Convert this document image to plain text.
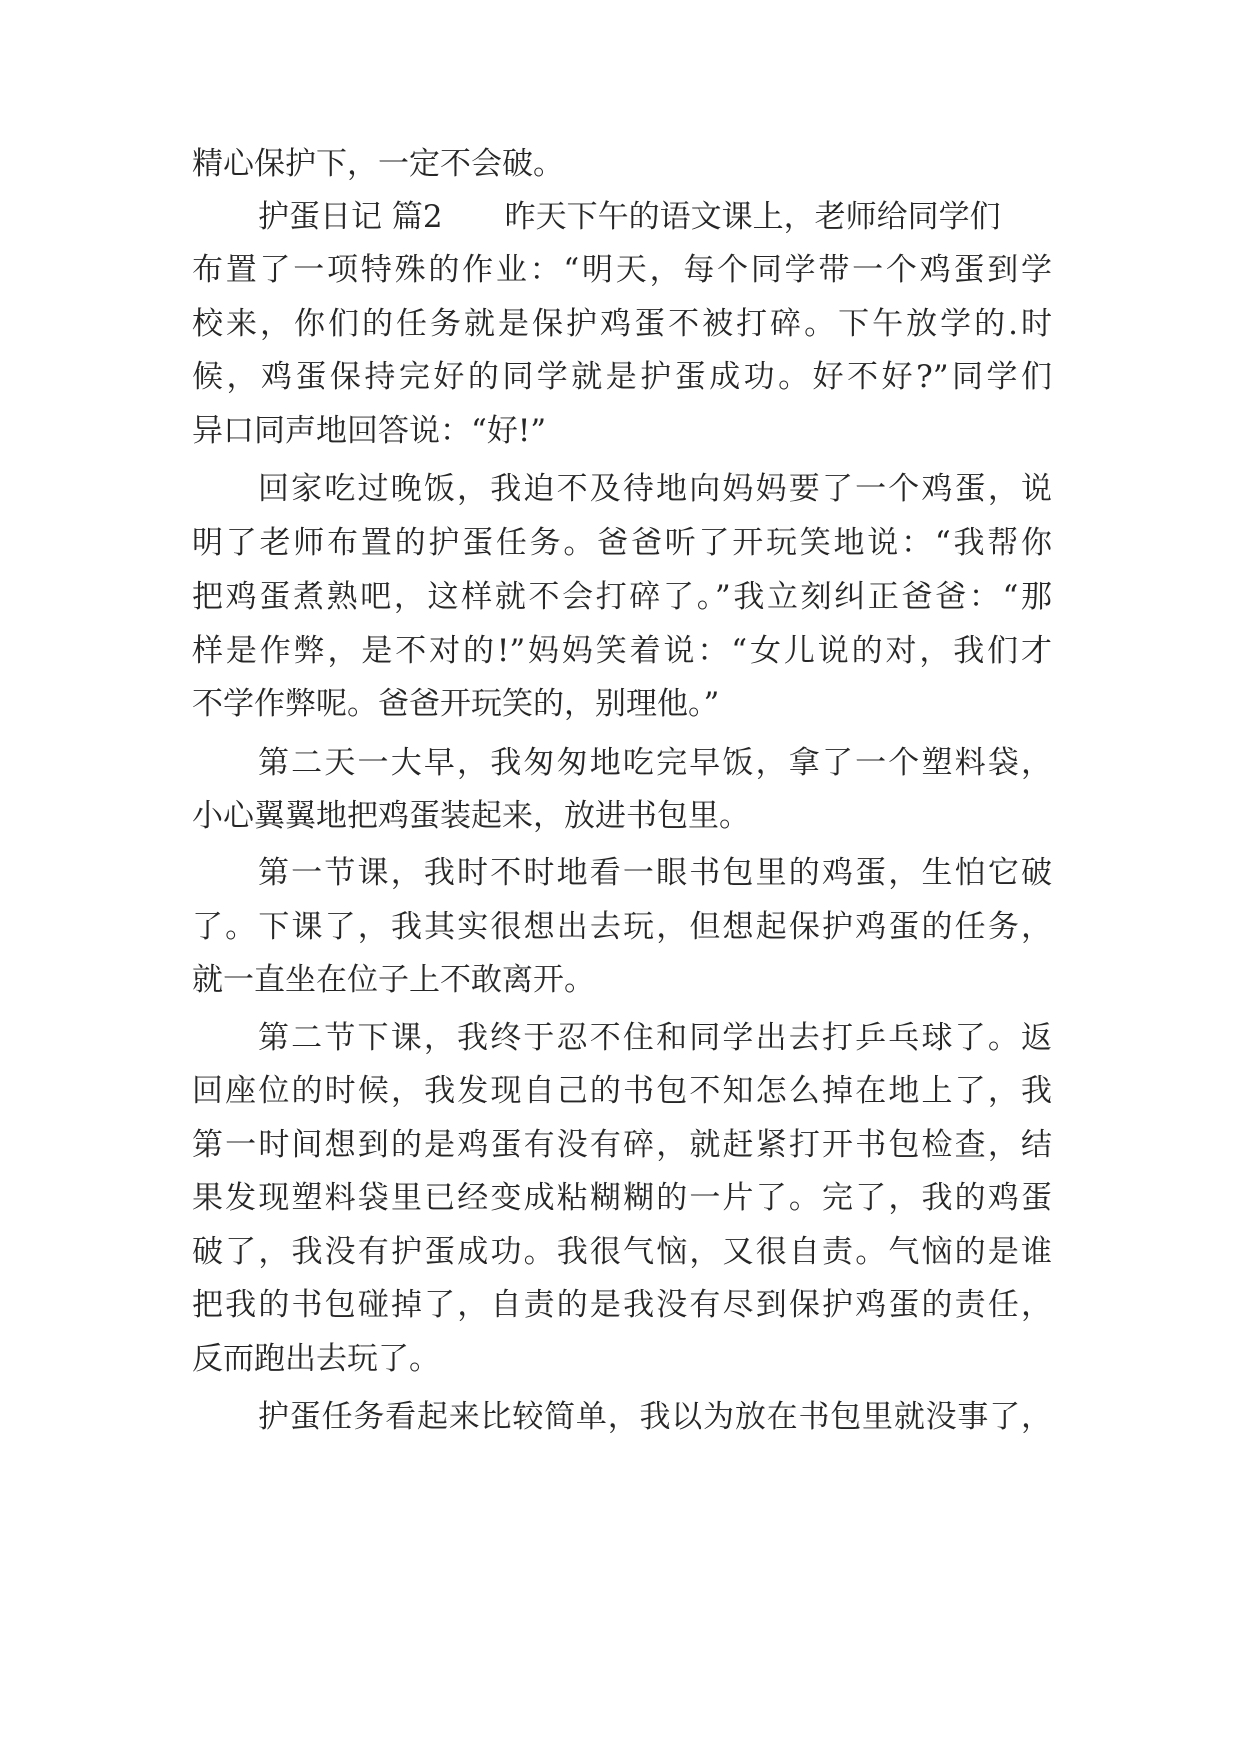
精心保护下，一定不会破。
护蛋日记 篇2 昨天下午的语文课上，老师给同学们
布置了一项特殊的作业：“明天，每个同学带一个鸡蛋到学
校来，你们的任务就是保护鸡蛋不被打碎。下午放学的.时
候，鸡蛋保持完好的同学就是护蛋成功。好不好?”同学们
异口同声地回答说：“好!”
回家吃过晚饭，我迫不及待地向妈妈要了一个鸡蛋，说
明了老师布置的护蛋任务。爸爸听了开玩笑地说：“我帮你
把鸡蛋煮熟吧，这样就不会打碎了。”我立刻纠正爸爸：“那
样是作弊，是不对的!”妈妈笑着说：“女儿说的对，我们才
不学作弊呢。爸爸开玩笑的，别理他。”
第二天一大早，我匆匆地吃完早饭，拿了一个塑料袋，
小心翼翼地把鸡蛋装起来，放进书包里。
第一节课，我时不时地看一眼书包里的鸡蛋，生怕它破
了。下课了，我其实很想出去玩，但想起保护鸡蛋的任务，
就一直坐在位子上不敢离开。
第二节下课，我终于忍不住和同学出去打乒乓球了。返
回座位的时候，我发现自己的书包不知怎么掉在地上了，我
第一时间想到的是鸡蛋有没有碎，就赶紧打开书包检查，结
果发现塑料袋里已经变成粘糊糊的一片了。完了，我的鸡蛋
破了，我没有护蛋成功。我很气恼，又很自责。气恼的是谁
把我的书包碰掉了，自责的是我没有尽到保护鸡蛋的责任，
反而跑出去玩了。
护蛋任务看起来比较简单，我以为放在书包里就没事了，
